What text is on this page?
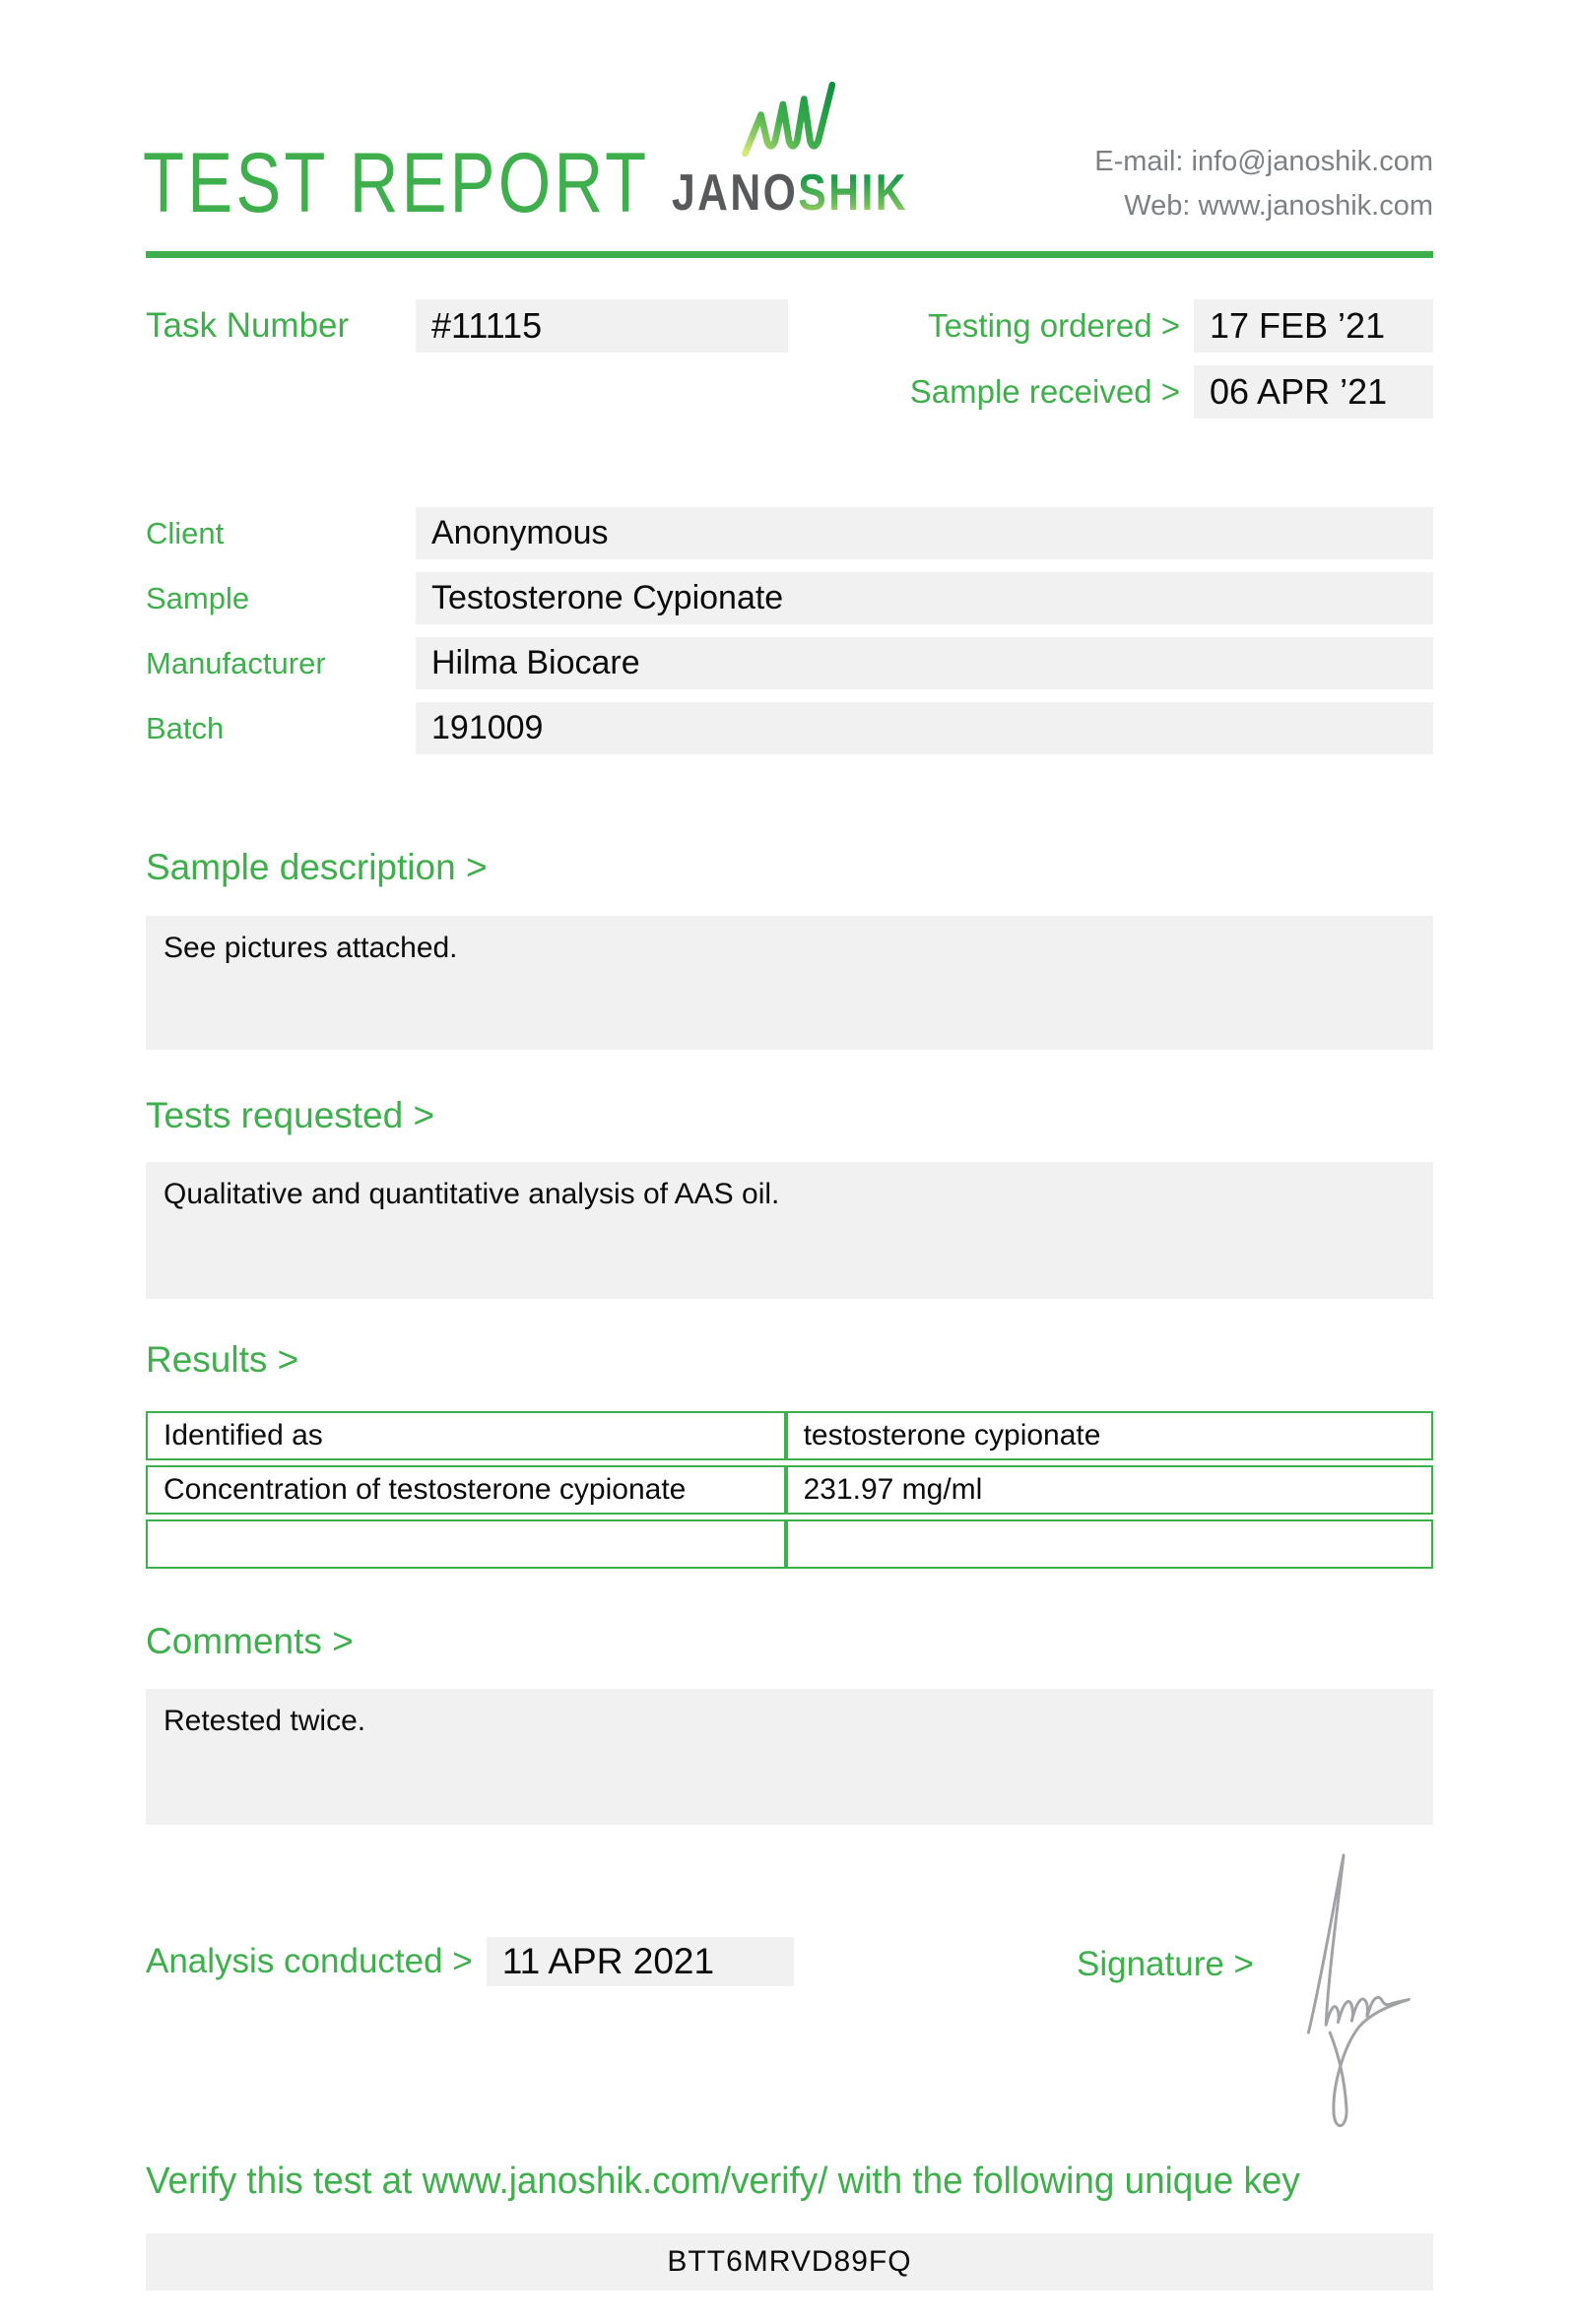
TEST REPORT JANOSHIK
E-mail: info@janoshik.com
Web: www.janoshik.com
Task Number	#11115	Testing ordered > 17 FEB ’21
Sample received > 06 APR ’21
Client	Anonymous
Sample	Testosterone Cypionate
Manufacturer	Hilma Biocare
Batch	191009
Sample description >
See pictures attached.
Tests requested >
Qualitative and quantitative analysis of AAS oil.
Results >
Identified as	testosterone cypionate
Concentration of testosterone cypionate	231.97 mg/ml

Comments >
Retested twice.
Analysis conducted > 11 APR 2021	Signature >
Verify this test at www.janoshik.com/verify/ with the following unique key
BTT6MRVD89FQ
